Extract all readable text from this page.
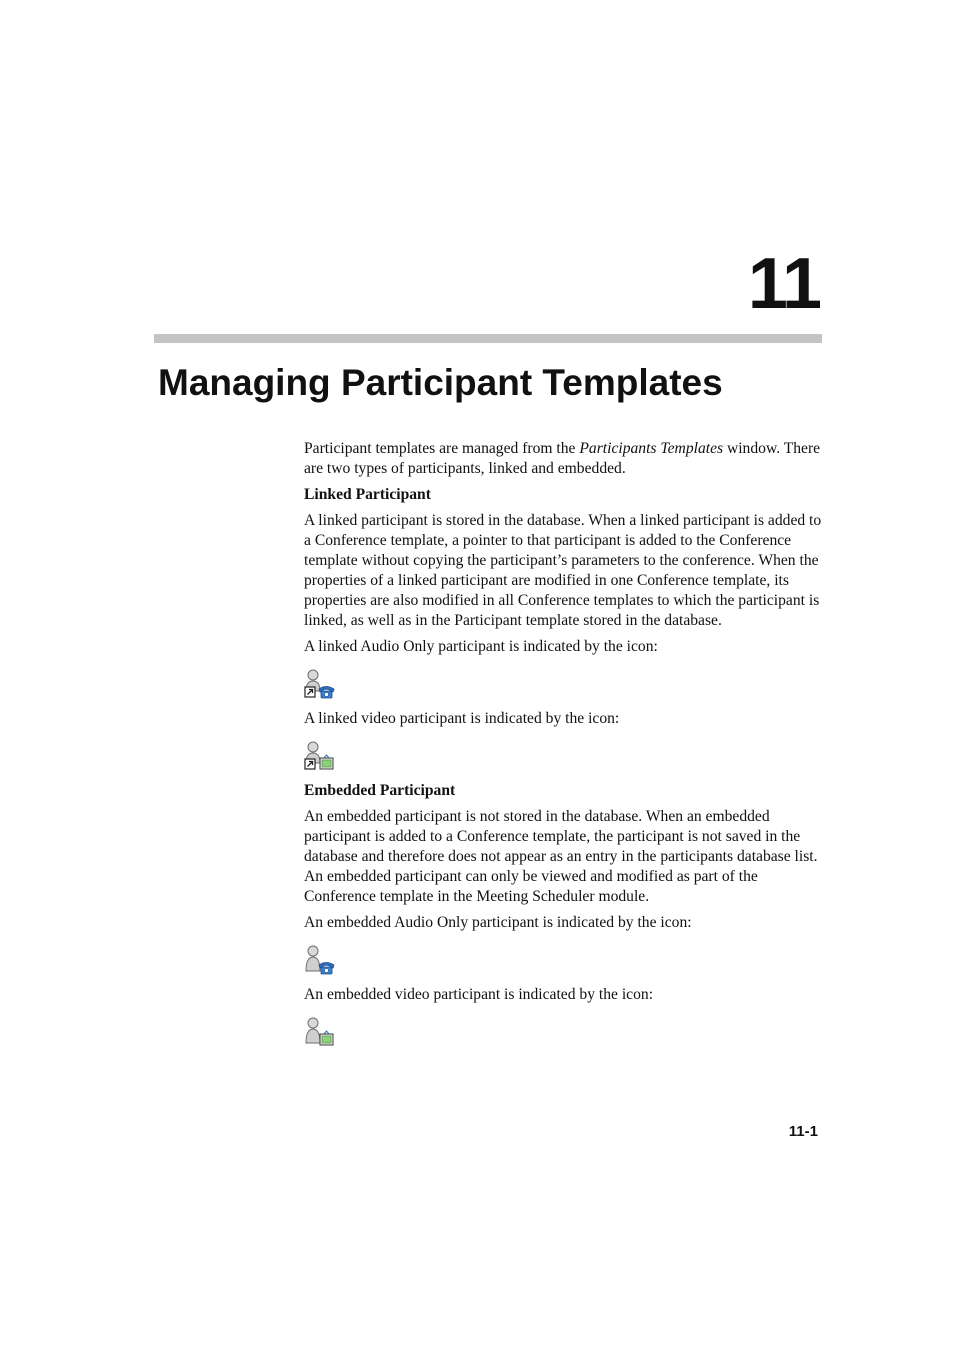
11
Managing Participant Templates

Participant templates are managed from the Participants Templates window. There are two types of participants, linked and embedded.

Linked Participant

A linked participant is stored in the database. When a linked participant is added to a Conference template, a pointer to that participant is added to the Conference template without copying the participant’s parameters to the conference. When the properties of a linked participant are modified in one Conference template, its properties are also modified in all Conference templates to which the participant is linked, as well as in the Participant template stored in the database.

A linked Audio Only participant is indicated by the icon:

A linked video participant is indicated by the icon:

Embedded Participant

An embedded participant is not stored in the database. When an embedded participant is added to a Conference template, the participant is not saved in the database and therefore does not appear as an entry in the participants database list. An embedded participant can only be viewed and modified as part of the Conference template in the Meeting Scheduler module.

An embedded Audio Only participant is indicated by the icon:

An embedded video participant is indicated by the icon:

11-1
